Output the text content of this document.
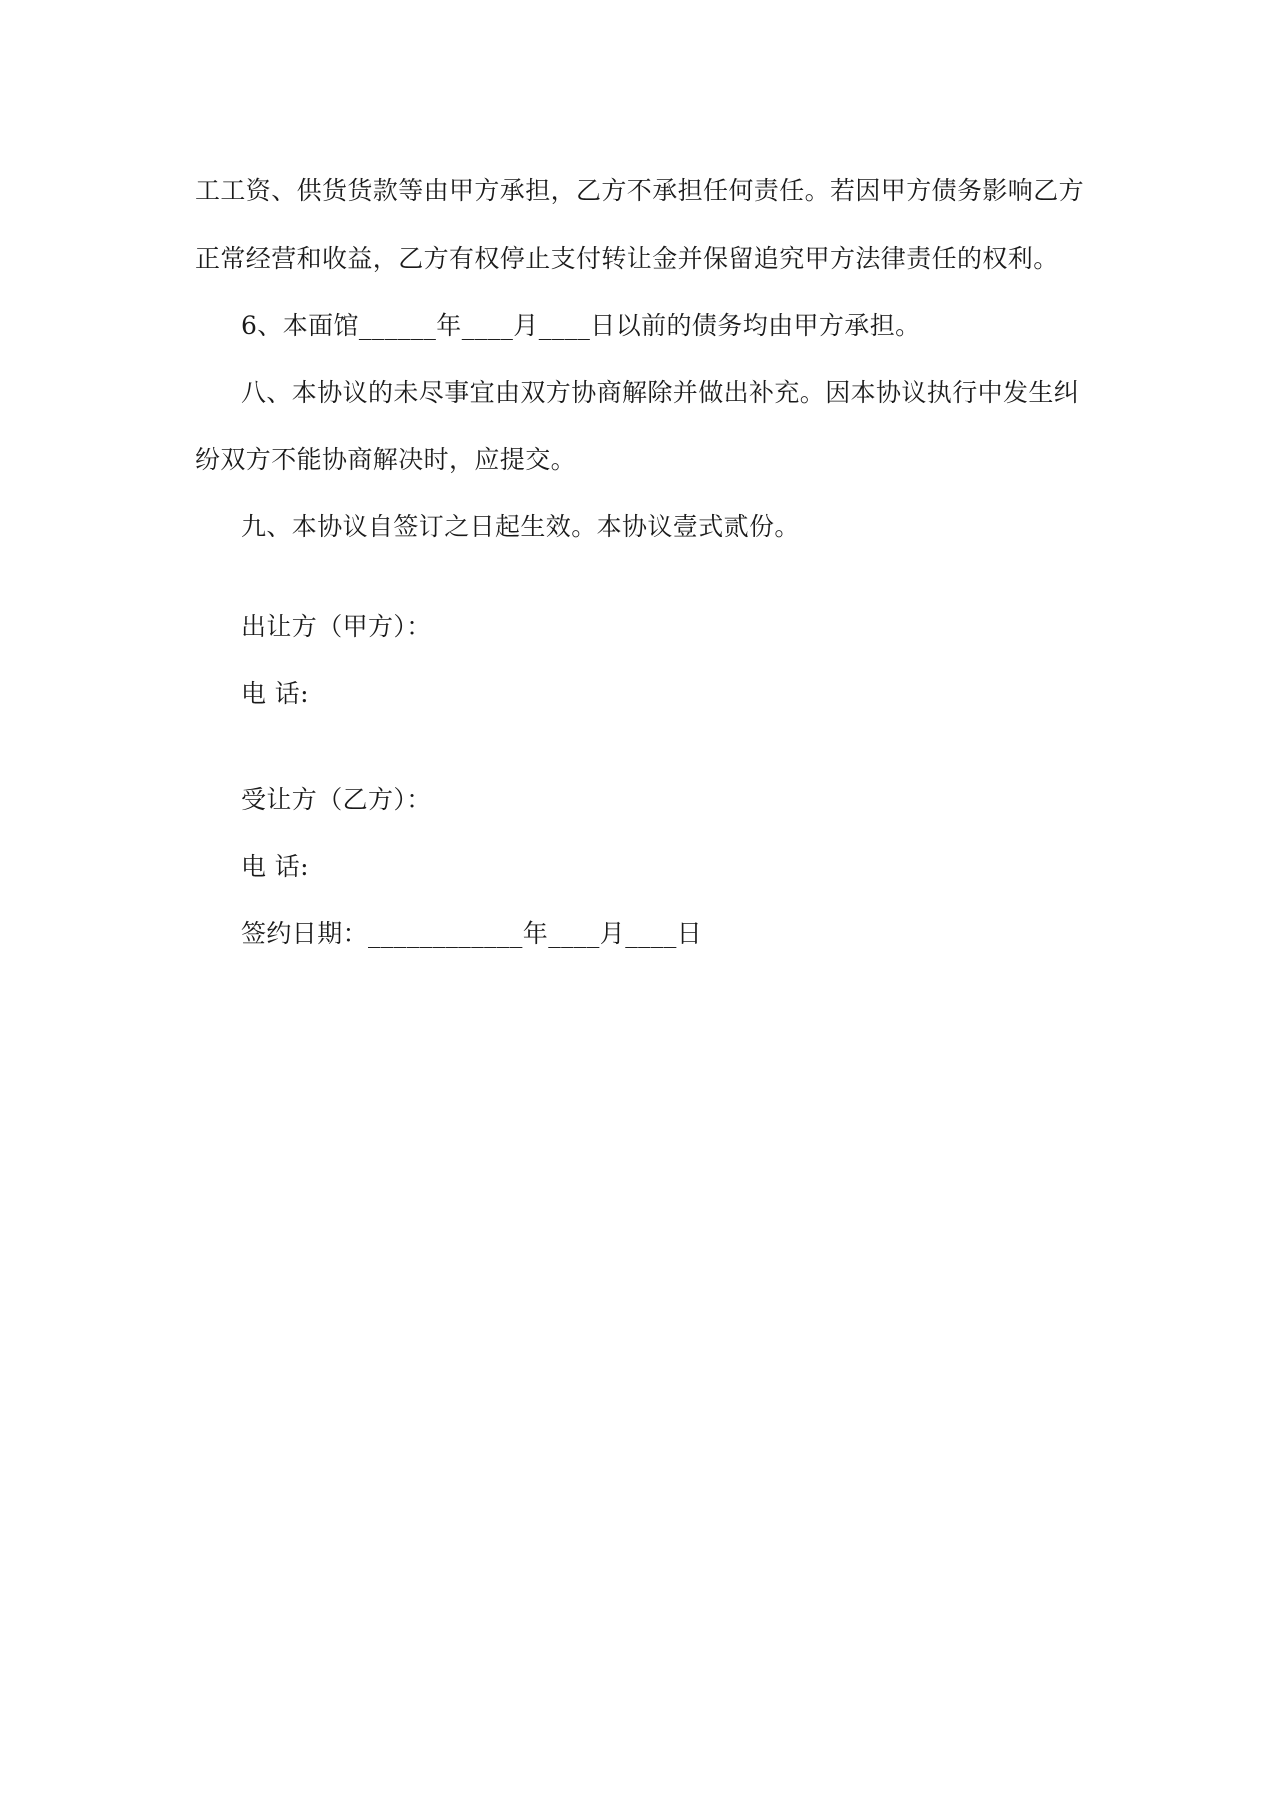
工工资、供货货款等由甲方承担，乙方不承担任何责任。若因甲方债务影响乙方

正常经营和收益，乙方有权停止支付转让金并保留追究甲方法律责任的权利。

6、本面馆______年____月____日以前的债务均由甲方承担。

八、本协议的未尽事宜由双方协商解除并做出补充。因本协议执行中发生纠

纷双方不能协商解决时，应提交。

九、本协议自签订之日起生效。本协议壹式贰份。

出让方（甲方）：

电 话:

受让方（乙方）：

电 话:

签约日期：____________年____月____日
